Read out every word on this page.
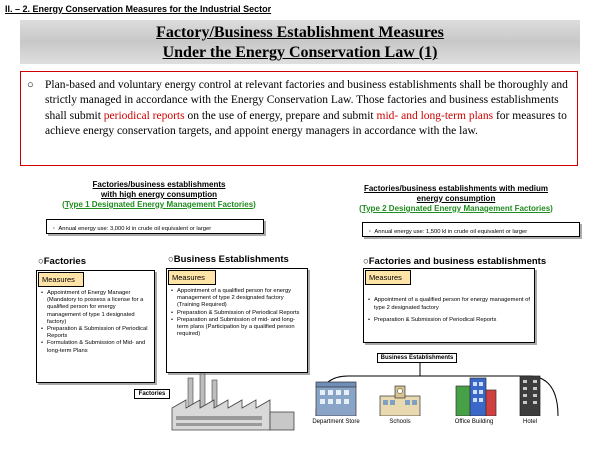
II. – 2. Energy Conservation Measures for the Industrial Sector
Factory/Business Establishment Measures
Under the Energy Conservation Law (1)
○ Plan-based and voluntary energy control at relevant factories and business establishments shall be thoroughly and strictly managed in accordance with the Energy Conservation Law. Those factories and business establishments shall submit periodical reports on the use of energy, prepare and submit mid- and long-term plans for measures to achieve energy conservation targets, and appoint energy managers in accordance with the law.
Factories/business establishments
with high energy consumption
(Type 1 Designated Energy Management Factories)
・ Annual energy use: 3,000 kl in crude oil equivalent or larger
Factories/business establishments with medium
energy consumption
(Type 2 Designated Energy Management Factories)
・ Annual energy use: 1,500 kl in crude oil equivalent or larger
○Factories
Measures
• Appointment of Energy Manager (Mandatory to possess a license for a qualified person for energy management of type 1 designated factory)
• Preparation & Submission of Periodical Reports
• Formulation & Submission of Mid- and long-term Plans
○Business Establishments
Measures
• Appointment of a qualified person for energy management of type 2 designated factory (Training Required)
• Preparation & Submission of Periodical Reports
• Preparation and Submission of mid- and long-term plans (Participation by a qualified person required)
○Factories and business establishments
Measures
• Appointment of a qualified person for energy management of type 2 designated factory
• Preparation & Submission of Periodical Reports
Factories
Business Establishments
Department Store	Schools	Office Building	Hotel
